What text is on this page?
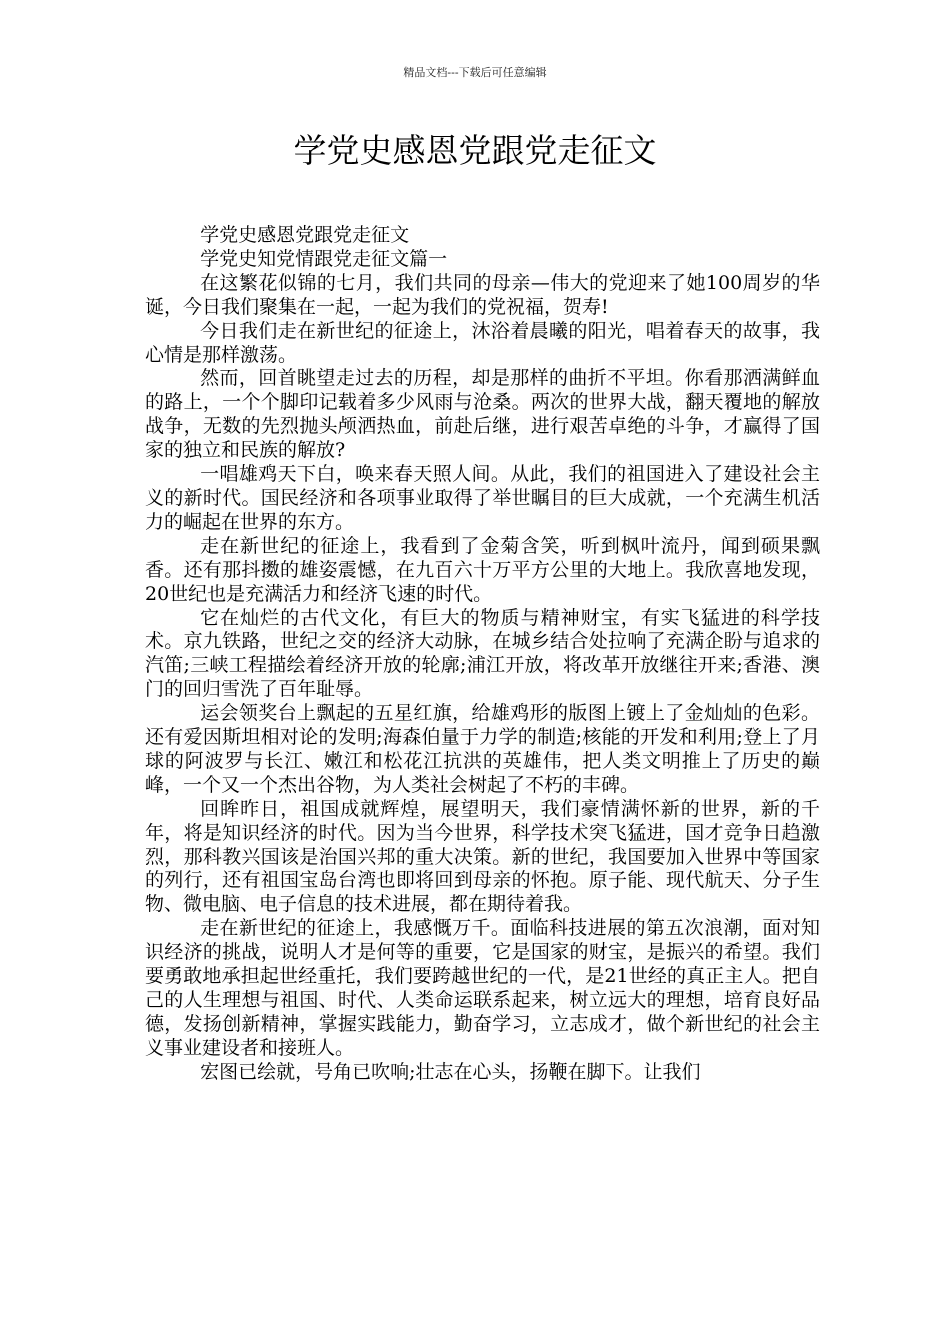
精品文档---下载后可任意编辑
学党史感恩党跟党走征文

学党史感恩党跟党走征文

学党史知党情跟党走征文篇一

在这繁花似锦的七月，我们共同的母亲—伟大的党迎来了她100周岁的华诞，今日我们聚集在一起，一起为我们的党祝福，贺寿!

今日我们走在新世纪的征途上，沐浴着晨曦的阳光，唱着春天的故事，我心情是那样激荡。

然而，回首眺望走过去的历程，却是那样的曲折不平坦。你看那洒满鲜血的路上，一个个脚印记载着多少风雨与沧桑。两次的世界大战，翻天覆地的解放战争，无数的先烈抛头颅洒热血，前赴后继，进行艰苦卓绝的斗争，才赢得了国家的独立和民族的解放?

一唱雄鸡天下白，唤来春天照人间。从此，我们的祖国进入了建设社会主义的新时代。国民经济和各项事业取得了举世瞩目的巨大成就，一个充满生机活力的崛起在世界的东方。

走在新世纪的征途上，我看到了金菊含笑，听到枫叶流丹，闻到硕果飘香。还有那抖擞的雄姿震憾，在九百六十万平方公里的大地上。我欣喜地发现，20世纪也是充满活力和经济飞速的时代。

它在灿烂的古代文化，有巨大的物质与精神财宝，有实飞猛进的科学技术。京九铁路，世纪之交的经济大动脉，在城乡结合处拉响了充满企盼与追求的汽笛;三峡工程描绘着经济开放的轮廓;浦江开放，将改革开放继往开来;香港、澳门的回归雪洗了百年耻辱。

运会领奖台上飘起的五星红旗，给雄鸡形的版图上镀上了金灿灿的色彩。还有爱因斯坦相对论的发明;海森伯量于力学的制造;核能的开发和利用;登上了月球的阿波罗与长江、嫩江和松花江抗洪的英雄伟，把人类文明推上了历史的巅峰，一个又一个杰出谷物，为人类社会树起了不朽的丰碑。

回眸昨日，祖国成就辉煌，展望明天，我们豪情满怀新的世界，新的千年，将是知识经济的时代。因为当今世界，科学技术突飞猛进，国才竞争日趋激烈，那科教兴国该是治国兴邦的重大决策。新的世纪，我国要加入世界中等国家的列行，还有祖国宝岛台湾也即将回到母亲的怀抱。原子能、现代航天、分子生物、微电脑、电子信息的技术进展，都在期待着我。

走在新世纪的征途上，我感慨万千。面临科技进展的第五次浪潮，面对知识经济的挑战，说明人才是何等的重要，它是国家的财宝，是振兴的希望。我们要勇敢地承担起世经重托，我们要跨越世纪的一代，是21世经的真正主人。把自己的人生理想与祖国、时代、人类命运联系起来，树立远大的理想，培育良好品德，发扬创新精神，掌握实践能力，勤奋学习，立志成才，做个新世纪的社会主义事业建设者和接班人。

宏图已绘就，号角已吹响;壮志在心头，扬鞭在脚下。让我们
